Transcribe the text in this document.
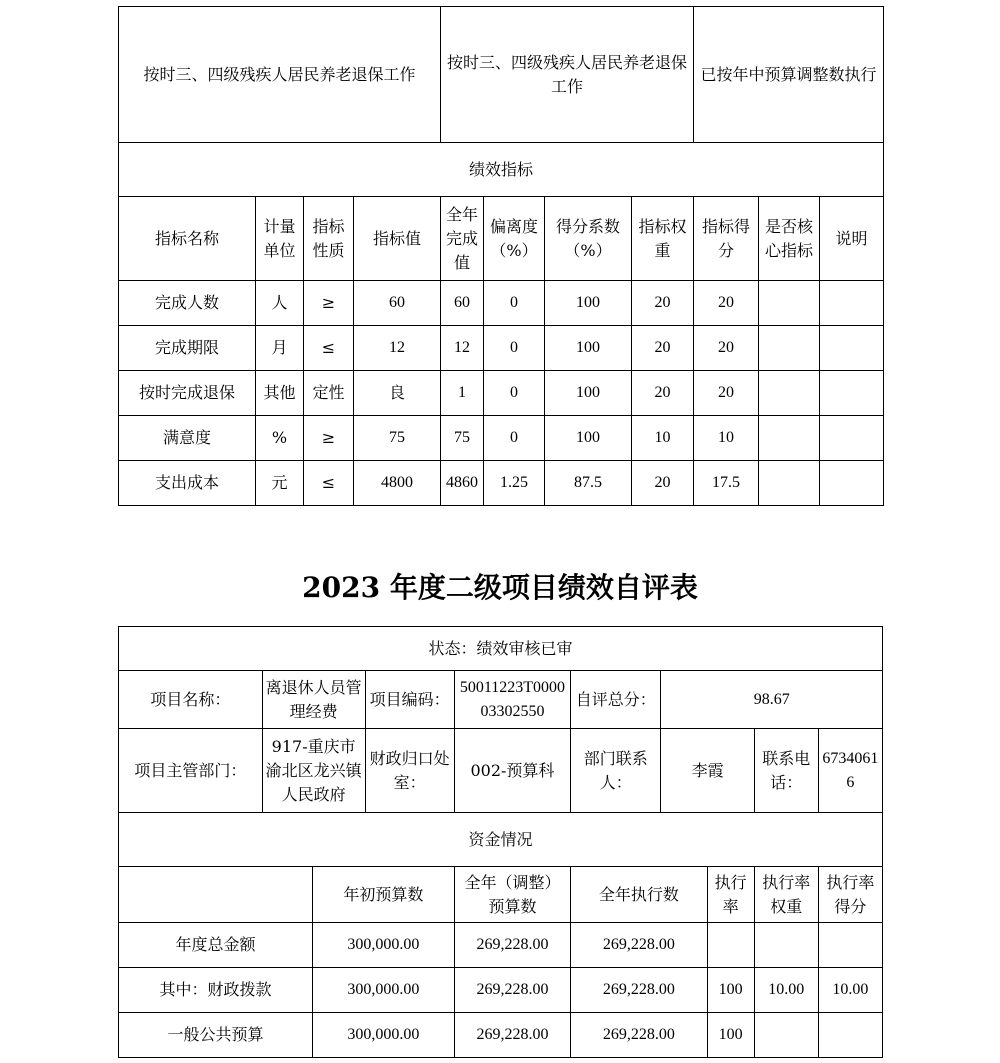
按时三、四级残疾人居民养老退保工作				按时三、四级残疾人居民养老退保工作				已按年中预算调整数执行		
绩效指标										
指标名称	计量单位	指标性质	指标值	全年完成值	偏离度（%）	得分系数（%）	指标权重	指标得分	是否核心指标	说明
完成人数	人	≥	60	60	0	100	20	20		
完成期限	月	≤	12	12	0	100	20	20		
按时完成退保	其他	定性	良	1	0	100	20	20		
满意度	%	≥	75	75	0	100	10	10		
支出成本	元	≤	4800	4860	1.25	87.5	20	17.5		
2023 年度二级项目绩效自评表
状态：绩效审核已审									
项目名称：	离退休人员管理经费		项目编码：	50011223T000003302550	自评总分：	98.67			
项目主管部门：	917-重庆市渝北区龙兴镇人民政府		财政归口处室：	002-预算科	部门联系人：	李霞		联系电话：	67340616
资金情况									
		年初预算数		全年（调整）预算数	全年执行数		执行率	执行率权重	执行率得分
年度总金额		300,000.00		269,228.00	269,228.00				
其中：财政拨款		300,000.00		269,228.00	269,228.00		100	10.00	10.00
一般公共预算		300,000.00		269,228.00	269,228.00		100		
